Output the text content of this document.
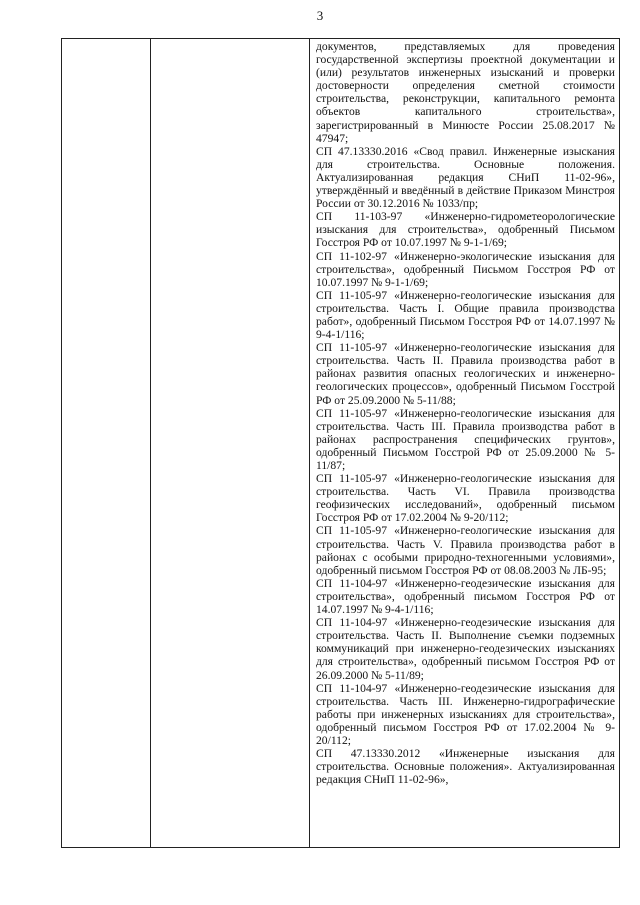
3

документов, представляемых для проведения государственной экспертизы проектной документации и (или) результатов инженерных изысканий и проверки достоверности определения сметной стоимости строительства, реконструкции, капитального ремонта объектов капитального строительства», зарегистрированный в Минюсте России 25.08.2017 № 47947;

СП 47.13330.2016 «Свод правил. Инженерные изыскания для строительства. Основные положения. Актуализированная редакция СНиП 11-02-96», утверждённый и введённый в действие Приказом Минстроя России от 30.12.2016 № 1033/пр;

СП 11-103-97 «Инженерно-гидрометеорологические изыскания для строительства», одобренный Письмом Госстроя РФ от 10.07.1997 № 9-1-1/69;

СП 11-102-97 «Инженерно-экологические изыскания для строительства», одобренный Письмом Госстроя РФ от 10.07.1997 № 9-1-1/69;

СП 11-105-97 «Инженерно-геологические изыскания для строительства. Часть I. Общие правила производства работ», одобренный Письмом Госстроя РФ от 14.07.1997 № 9-4-1/116;

СП 11-105-97 «Инженерно-геологические изыскания для строительства. Часть II. Правила производства работ в районах развития опасных геологических и инженерно-геологических процессов», одобренный Письмом Госстрой РФ от 25.09.2000 № 5-11/88;

СП 11-105-97 «Инженерно-геологические изыскания для строительства. Часть III. Правила производства работ в районах распространения специфических грунтов», одобренный Письмом Госстрой РФ от 25.09.2000 № 5-11/87;

СП 11-105-97 «Инженерно-геологические изыскания для строительства. Часть VI. Правила производства геофизических исследований», одобренный письмом Госстроя РФ от 17.02.2004 № 9-20/112;

СП 11-105-97 «Инженерно-геологические изыскания для строительства. Часть V. Правила производства работ в районах с особыми природно-техногенными условиями», одобренный письмом Госстроя РФ от 08.08.2003 № ЛБ-95;

СП 11-104-97 «Инженерно-геодезические изыскания для строительства», одобренный письмом Госстроя РФ от 14.07.1997 № 9-4-1/116;

СП 11-104-97 «Инженерно-геодезические изыскания для строительства. Часть II. Выполнение съемки подземных коммуникаций при инженерно-геодезических изысканиях для строительства», одобренный письмом Госстроя РФ от 26.09.2000 № 5-11/89;

СП 11-104-97 «Инженерно-геодезические изыскания для строительства. Часть III. Инженерно-гидрографические работы при инженерных изысканиях для строительства», одобренный письмом Госстроя РФ от 17.02.2004 № 9-20/112;

СП 47.13330.2012 «Инженерные изыскания для строительства. Основные положения». Актуализированная редакция СНиП 11-02-96»,
